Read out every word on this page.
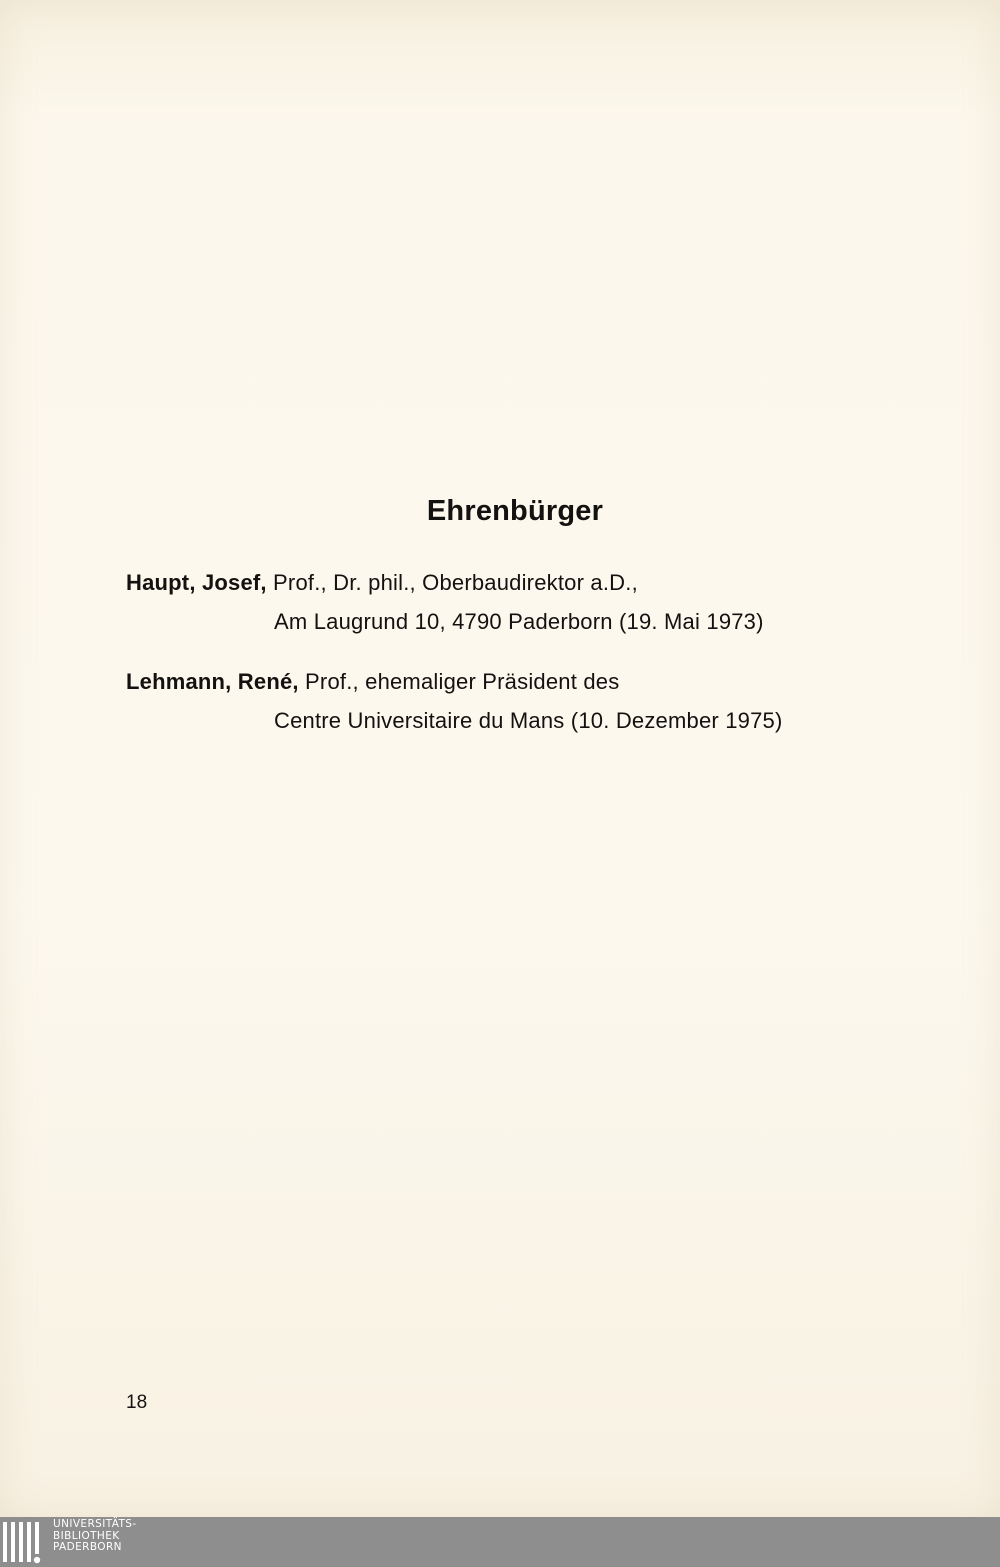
Ehrenbürger
Haupt, Josef, Prof., Dr. phil., Oberbaudirektor a.D.,
Am Laugrund 10, 4790 Paderborn (19. Mai 1973)
Lehmann, René, Prof., ehemaliger Präsident des
Centre Universitaire du Mans (10. Dezember 1975)
18
UNIVERSITÄTS-
BIBLIOTHEK
PADERBORN
